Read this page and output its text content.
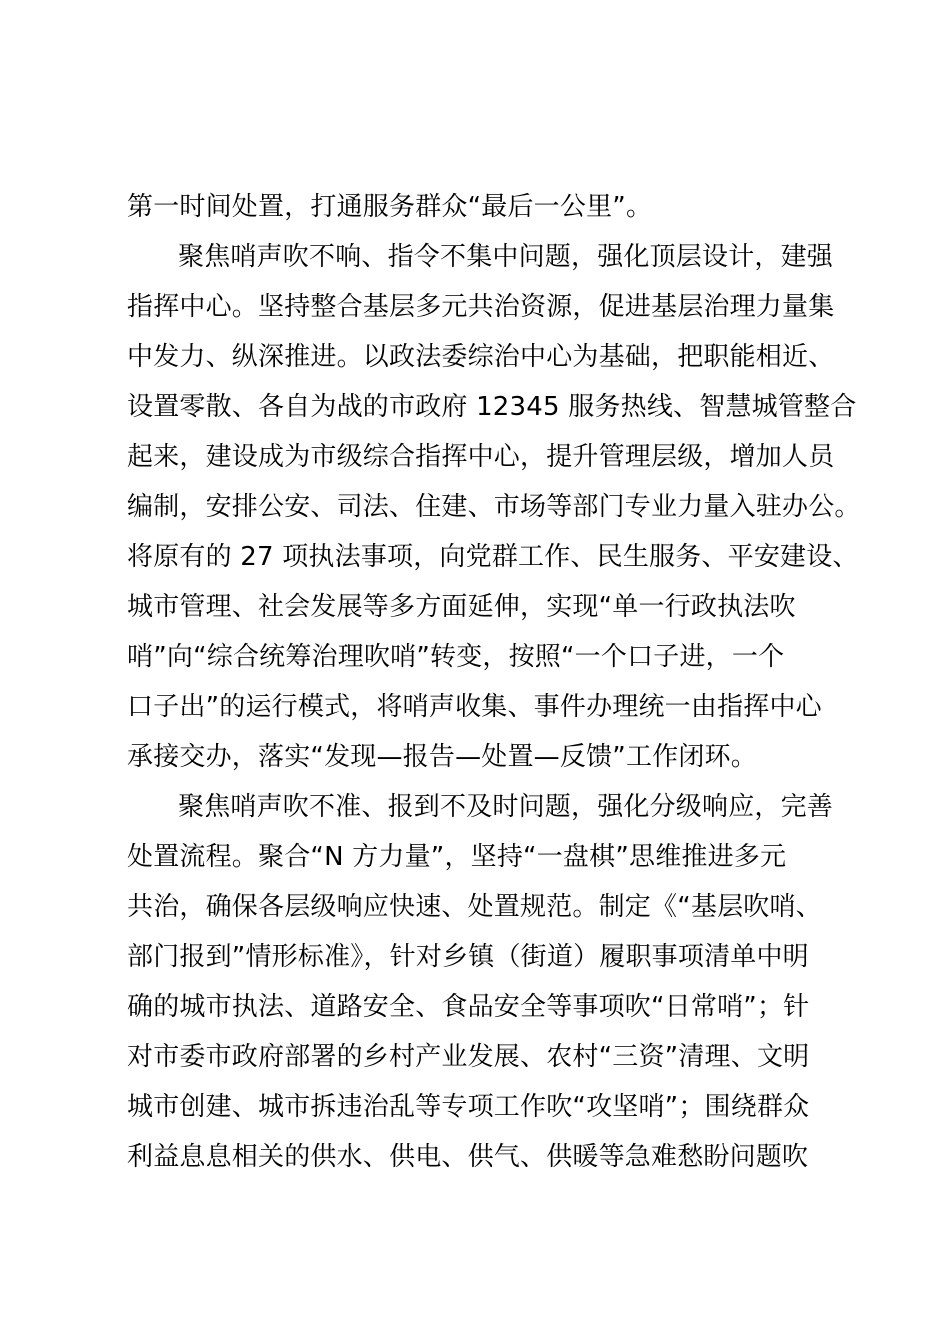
第一时间处置，打通服务群众“最后一公里”。
聚焦哨声吹不响、指令不集中问题，强化顶层设计，建强
指挥中心。坚持整合基层多元共治资源，促进基层治理力量集
中发力、纵深推进。以政法委综治中心为基础，把职能相近、
设置零散、各自为战的市政府 12345 服务热线、智慧城管整合
起来，建设成为市级综合指挥中心，提升管理层级，增加人员
编制，安排公安、司法、住建、市场等部门专业力量入驻办公。
将原有的 27 项执法事项，向党群工作、民生服务、平安建设、
城市管理、社会发展等多方面延伸，实现“单一行政执法吹
哨”向“综合统筹治理吹哨”转变，按照“一个口子进，一个
口子出”的运行模式，将哨声收集、事件办理统一由指挥中心
承接交办，落实“发现—报告—处置—反馈”工作闭环。
聚焦哨声吹不准、报到不及时问题，强化分级响应，完善
处置流程。聚合“N 方力量”，坚持“一盘棋”思维推进多元
共治，确保各层级响应快速、处置规范。制定《“基层吹哨、
部门报到”情形标准》，针对乡镇（街道）履职事项清单中明
确的城市执法、道路安全、食品安全等事项吹“日常哨”；针
对市委市政府部署的乡村产业发展、农村“三资”清理、文明
城市创建、城市拆违治乱等专项工作吹“攻坚哨”；围绕群众
利益息息相关的供水、供电、供气、供暖等急难愁盼问题吹
